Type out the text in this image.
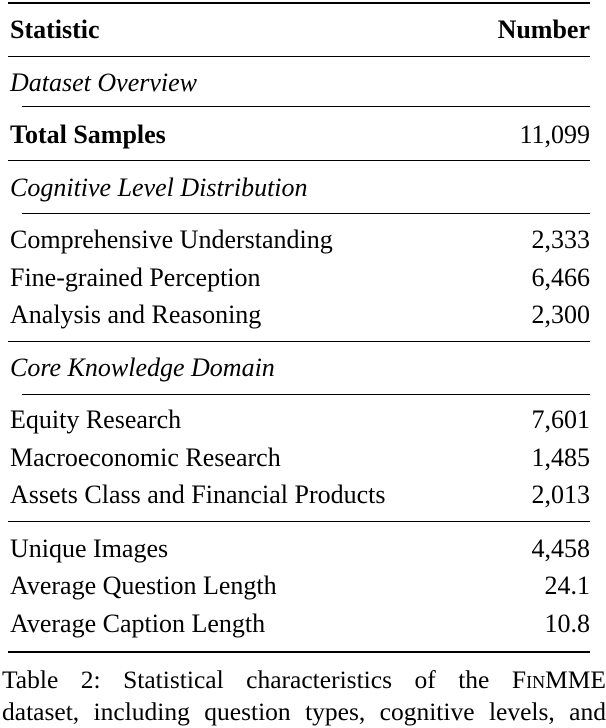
Statistic	Number
Dataset Overview
Total Samples	11,099
Cognitive Level Distribution
Comprehensive Understanding	2,333
Fine-grained Perception	6,466
Analysis and Reasoning	2,300
Core Knowledge Domain
Equity Research	7,601
Macroeconomic Research	1,485
Assets Class and Financial Products	2,013
Unique Images	4,458
Average Question Length	24.1
Average Caption Length	10.8
Table 2: Statistical characteristics of the FinMME
dataset, including question types, cognitive levels, and
